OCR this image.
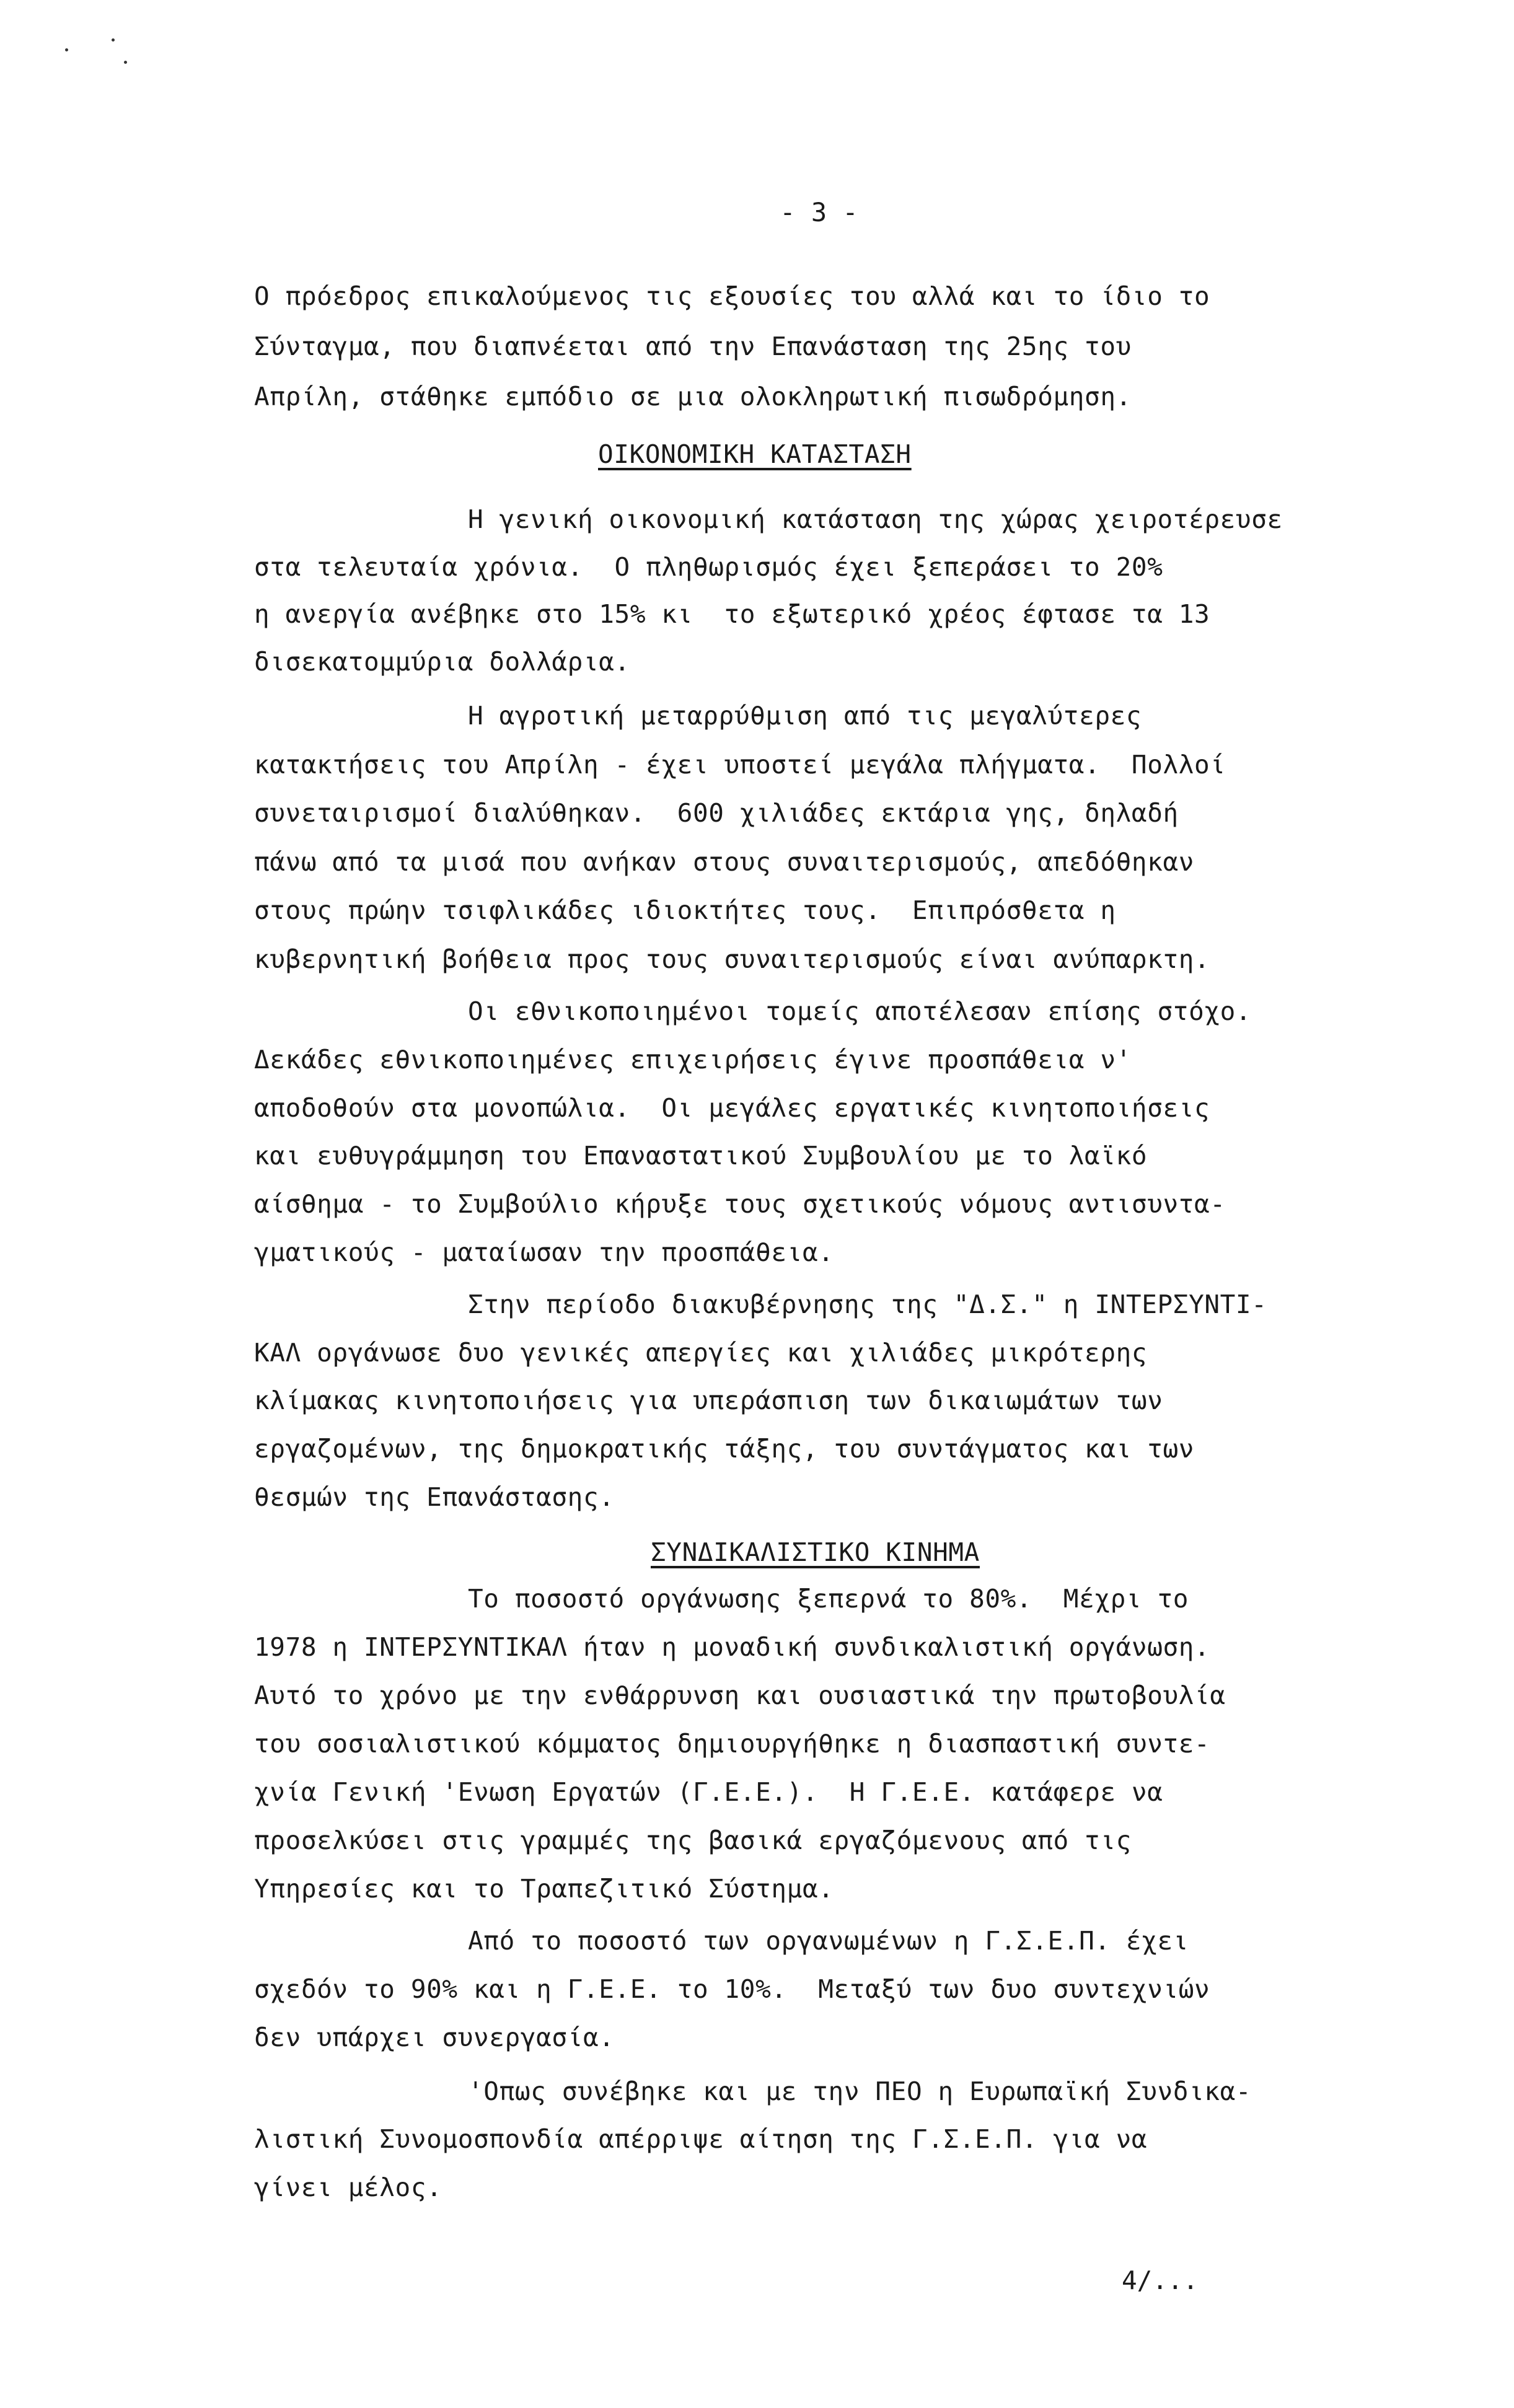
- 3 -
Ο πρόεδρος επικαλούμενος τις εξουσίες του αλλά και το ίδιο το
Σύνταγμα, που διαπνέεται από την Επανάσταση της 25ης του
Απρίλη, στάθηκε εμπόδιο σε μια ολοκληρωτική πισωδρόμηση.
ΟΙΚΟΝΟΜΙΚΗ ΚΑΤΑΣΤΑΣΗ
Η γενική οικονομική κατάσταση της χώρας χειροτέρευσε
στα τελευταία χρόνια.  Ο πληθωρισμός έχει ξεπεράσει το 20%
η ανεργία ανέβηκε στο 15% κι  το εξωτερικό χρέος έφτασε τα 13
δισεκατομμύρια δολλάρια.
Η αγροτική μεταρρύθμιση από τις μεγαλύτερες
κατακτήσεις του Απρίλη - έχει υποστεί μεγάλα πλήγματα.  Πολλοί
συνεταιρισμοί διαλύθηκαν.  600 χιλιάδες εκτάρια γης, δηλαδή
πάνω από τα μισά που ανήκαν στους συναιτερισμούς, απεδόθηκαν
στους πρώην τσιφλικάδες ιδιοκτήτες τους.  Επιπρόσθετα η
κυβερνητική βοήθεια προς τους συναιτερισμούς είναι ανύπαρκτη.
Οι εθνικοποιημένοι τομείς αποτέλεσαν επίσης στόχο.
Δεκάδες εθνικοποιημένες επιχειρήσεις έγινε προσπάθεια ν'
αποδοθούν στα μονοπώλια.  Οι μεγάλες εργατικές κινητοποιήσεις
και ευθυγράμμηση του Επαναστατικού Συμβουλίου με το λαϊκό
αίσθημα - το Συμβούλιο κήρυξε τους σχετικούς νόμους αντισυντα-
γματικούς - ματαίωσαν την προσπάθεια.
Στην περίοδο διακυβέρνησης της "Δ.Σ." η ΙΝΤΕΡΣΥΝΤΙ-
ΚΑΛ οργάνωσε δυο γενικές απεργίες και χιλιάδες μικρότερης
κλίμακας κινητοποιήσεις για υπεράσπιση των δικαιωμάτων των
εργαζομένων, της δημοκρατικής τάξης, του συντάγματος και των
θεσμών της Επανάστασης.
ΣΥΝΔΙΚΑΛΙΣΤΙΚΟ ΚΙΝΗΜΑ
Το ποσοστό οργάνωσης ξεπερνά το 80%.  Μέχρι το
1978 η ΙΝΤΕΡΣΥΝΤΙΚΑΛ ήταν η μοναδική συνδικαλιστική οργάνωση.
Αυτό το χρόνο με την ενθάρρυνση και ουσιαστικά την πρωτοβουλία
του σοσιαλιστικού κόμματος δημιουργήθηκε η διασπαστική συντε-
χνία Γενική 'Ενωση Εργατών (Γ.Ε.Ε.).  Η Γ.Ε.Ε. κατάφερε να
προσελκύσει στις γραμμές της βασικά εργαζόμενους από τις
Υπηρεσίες και το Τραπεζιτικό Σύστημα.
Από το ποσοστό των οργανωμένων η Γ.Σ.Ε.Π. έχει
σχεδόν το 90% και η Γ.Ε.Ε. το 10%.  Μεταξύ των δυο συντεχνιών
δεν υπάρχει συνεργασία.
'Οπως συνέβηκε και με την ΠΕΟ η Ευρωπαϊκή Συνδικα-
λιστική Συνομοσπονδία απέρριψε αίτηση της Γ.Σ.Ε.Π. για να
γίνει μέλος.
4/...
